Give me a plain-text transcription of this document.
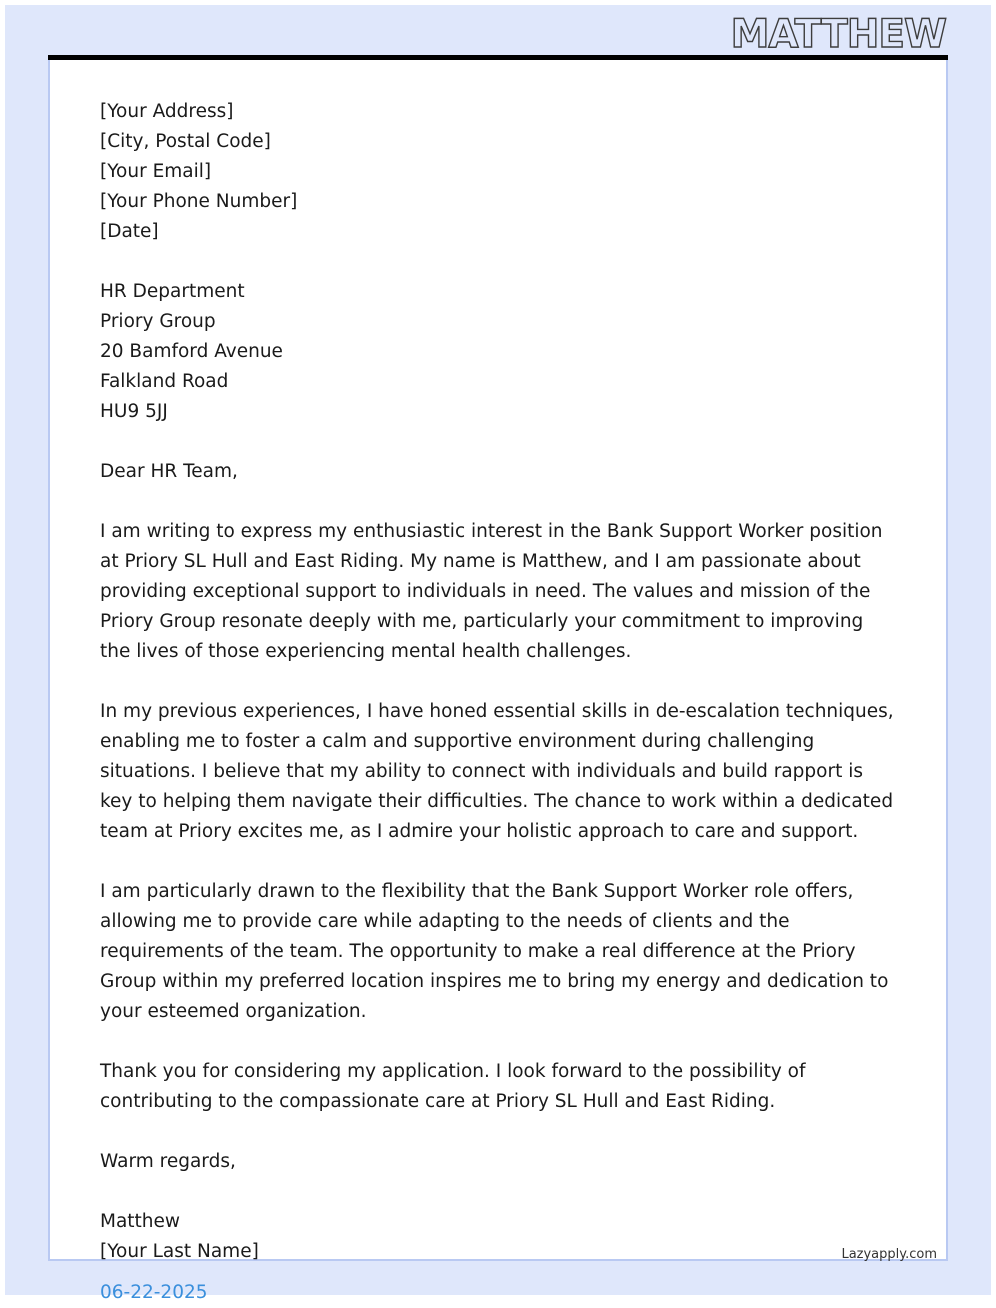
MATTHEW
[Your Address]
[City, Postal Code]
[Your Email]
[Your Phone Number]
[Date]
HR Department
Priory Group
20 Bamford Avenue
Falkland Road
HU9 5JJ

Dear HR Team,

I am writing to express my enthusiastic interest in the Bank Support Worker position at Priory SL Hull and East Riding. My name is Matthew, and I am passionate about providing exceptional support to individuals in need. The values and mission of the Priory Group resonate deeply with me, particularly your commitment to improving the lives of those experiencing mental health challenges.

In my previous experiences, I have honed essential skills in de-escalation techniques, enabling me to foster a calm and supportive environment during challenging situations. I believe that my ability to connect with individuals and build rapport is key to helping them navigate their difficulties. The chance to work within a dedicated team at Priory excites me, as I admire your holistic approach to care and support.

I am particularly drawn to the flexibility that the Bank Support Worker role offers, allowing me to provide care while adapting to the needs of clients and the requirements of the team. The opportunity to make a real difference at the Priory Group within my preferred location inspires me to bring my energy and dedication to your esteemed organization.

Thank you for considering my application. I look forward to the possibility of contributing to the compassionate care at Priory SL Hull and East Riding.

Warm regards,

Matthew
[Your Last Name]
06-22-2025
Lazyapply.com
